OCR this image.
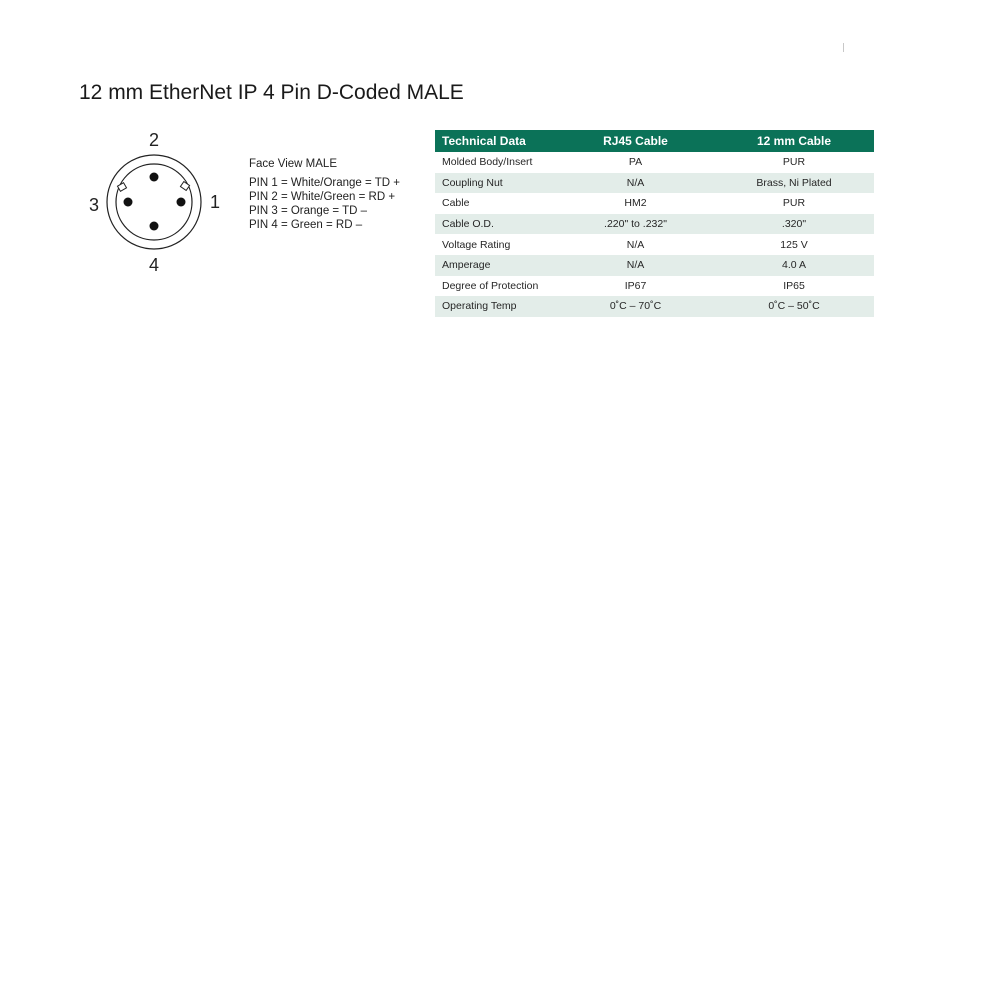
12 mm EtherNet IP 4 Pin D-Coded MALE
2
1
4
3
Face View MALE
PIN 1 = White/Orange = TD +
PIN 2 = White/Green = RD +
PIN 3 = Orange = TD –
PIN 4 = Green = RD –
Technical Data	RJ45 Cable	12 mm Cable
Molded Body/Insert	PA	PUR
Coupling Nut	N/A	Brass, Ni Plated
Cable	HM2	PUR
Cable O.D.	.220" to .232"	.320"
Voltage Rating	N/A	125 V
Amperage	N/A	4.0 A
Degree of Protection	IP67	IP65
Operating Temp	0˚C – 70˚C	0˚C – 50˚C
